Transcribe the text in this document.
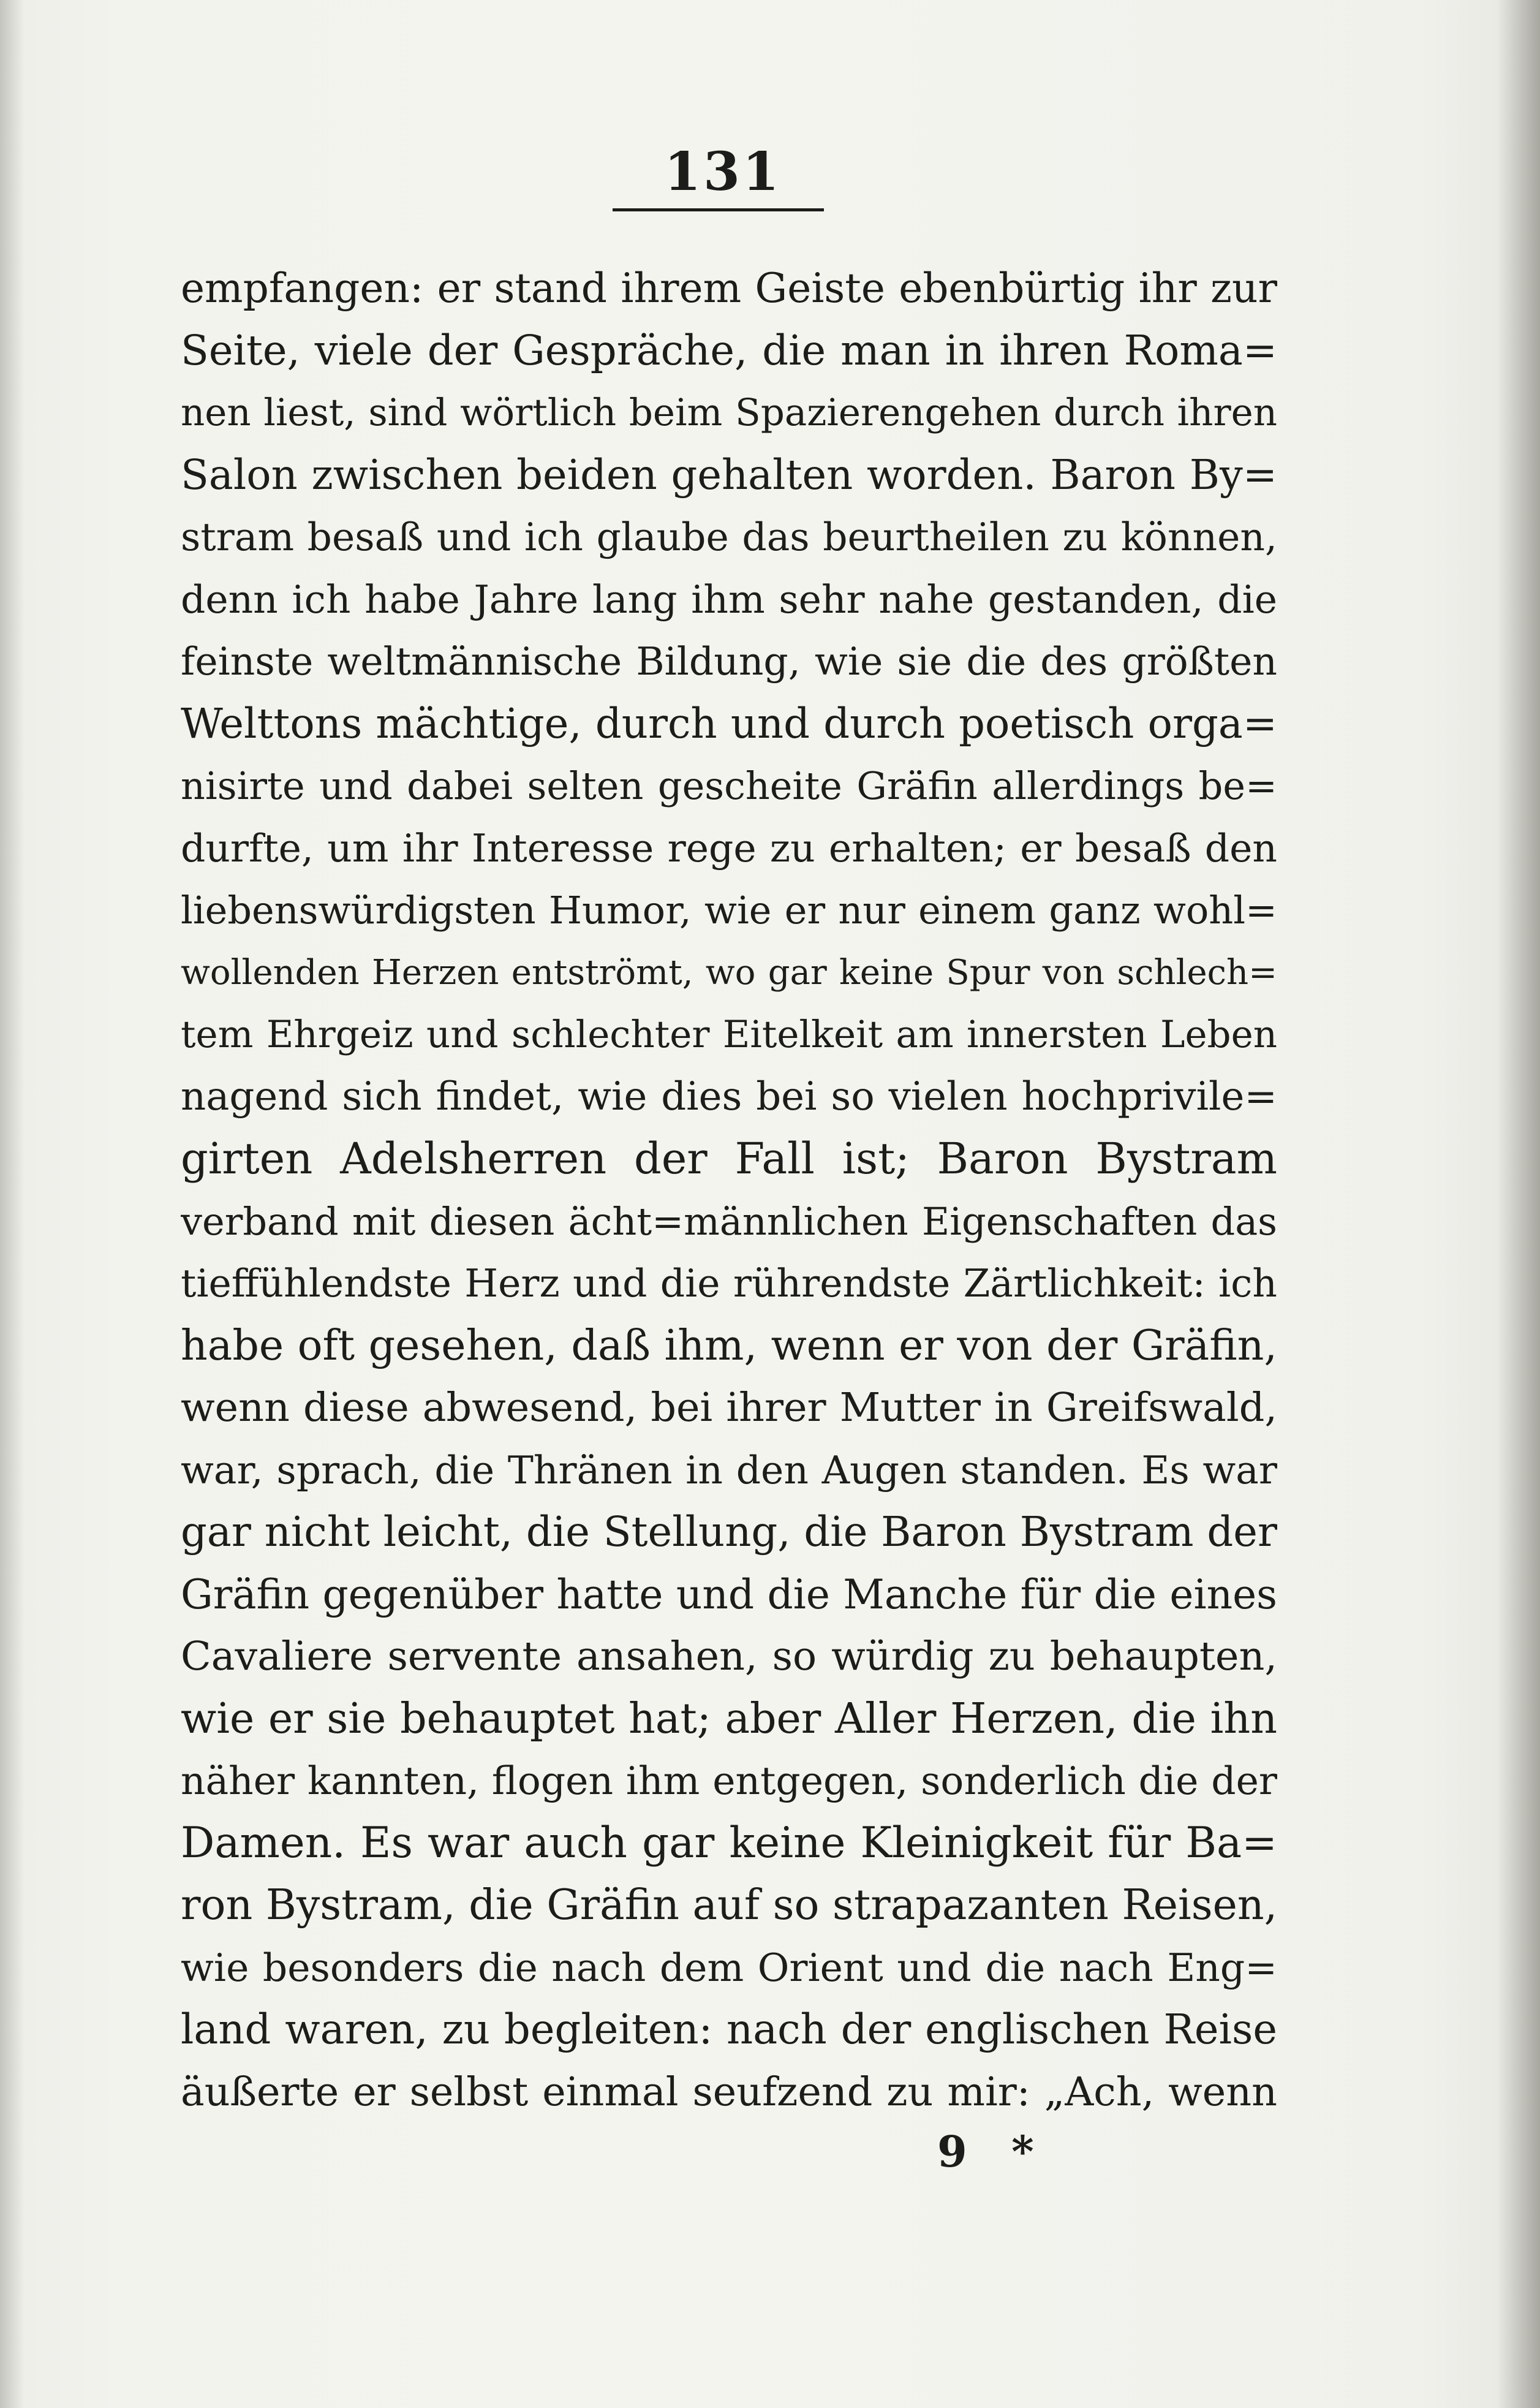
131
empfangen: er stand ihrem Geiste ebenbürtig ihr zur
Seite, viele der Gespräche, die man in ihren Roma=
nen liest, sind wörtlich beim Spazierengehen durch ihren
Salon zwischen beiden gehalten worden. Baron By=
stram besaß und ich glaube das beurtheilen zu können,
denn ich habe Jahre lang ihm sehr nahe gestanden, die
feinste weltmännische Bildung, wie sie die des größten
Welttons mächtige, durch und durch poetisch orga=
nisirte und dabei selten gescheite Gräfin allerdings be=
durfte, um ihr Interesse rege zu erhalten; er besaß den
liebenswürdigsten Humor, wie er nur einem ganz wohl=
wollenden Herzen entströmt, wo gar keine Spur von schlech=
tem Ehrgeiz und schlechter Eitelkeit am innersten Leben
nagend sich findet, wie dies bei so vielen hochprivile=
girten Adelsherren der Fall ist; Baron Bystram
verband mit diesen ächt=männlichen Eigenschaften das
tieffühlendste Herz und die rührendste Zärtlichkeit: ich
habe oft gesehen, daß ihm, wenn er von der Gräfin,
wenn diese abwesend, bei ihrer Mutter in Greifswald,
war, sprach, die Thränen in den Augen standen. Es war
gar nicht leicht, die Stellung, die Baron Bystram der
Gräfin gegenüber hatte und die Manche für die eines
Cavaliere servente ansahen, so würdig zu behaupten,
wie er sie behauptet hat; aber Aller Herzen, die ihn
näher kannten, flogen ihm entgegen, sonderlich die der
Damen. Es war auch gar keine Kleinigkeit für Ba=
ron Bystram, die Gräfin auf so strapazanten Reisen,
wie besonders die nach dem Orient und die nach Eng=
land waren, zu begleiten: nach der englischen Reise
äußerte er selbst einmal seufzend zu mir: „Ach, wenn
9 *
